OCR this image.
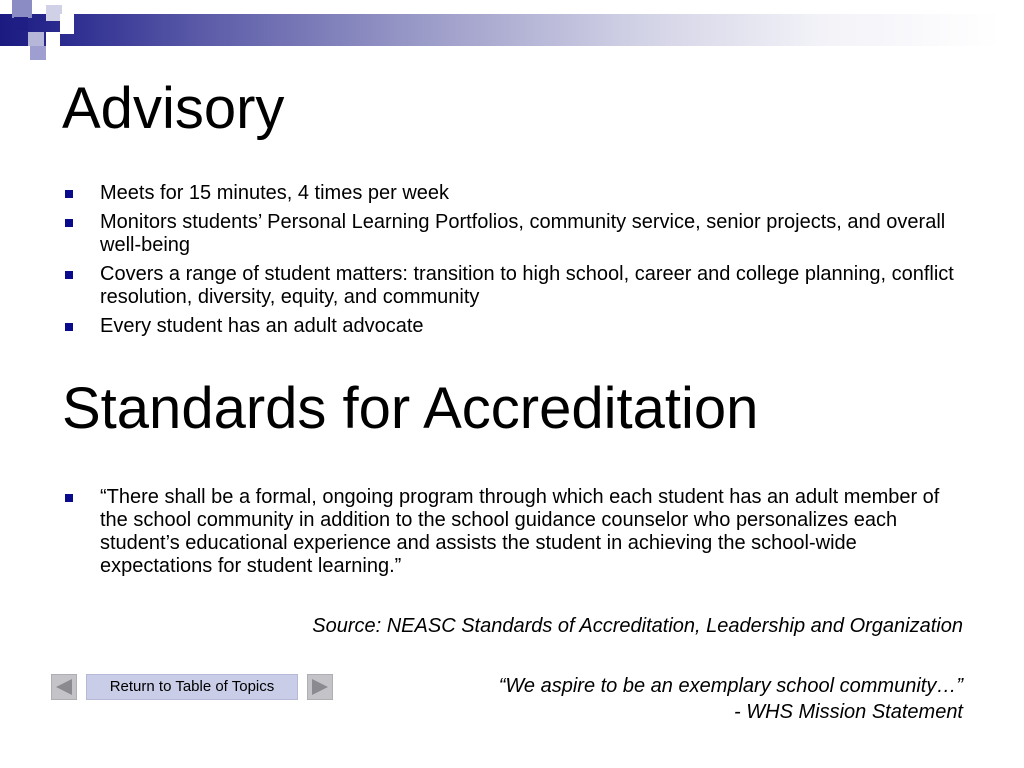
Advisory
Meets for 15 minutes, 4 times per week
Monitors students’ Personal Learning Portfolios, community service, senior projects, and overall well-being
Covers a range of student matters: transition to high school, career and college planning, conflict resolution, diversity, equity, and community
Every student has an adult advocate
Standards for Accreditation
“There shall be a formal, ongoing program through which each student has an adult member of the school community in addition to the school guidance counselor who personalizes each student’s educational experience and assists the student in achieving the school-wide expectations for student learning.”
Source: NEASC Standards of Accreditation, Leadership and Organization
“We aspire to be an exemplary school community…”
- WHS Mission Statement
Return to Table of Topics
